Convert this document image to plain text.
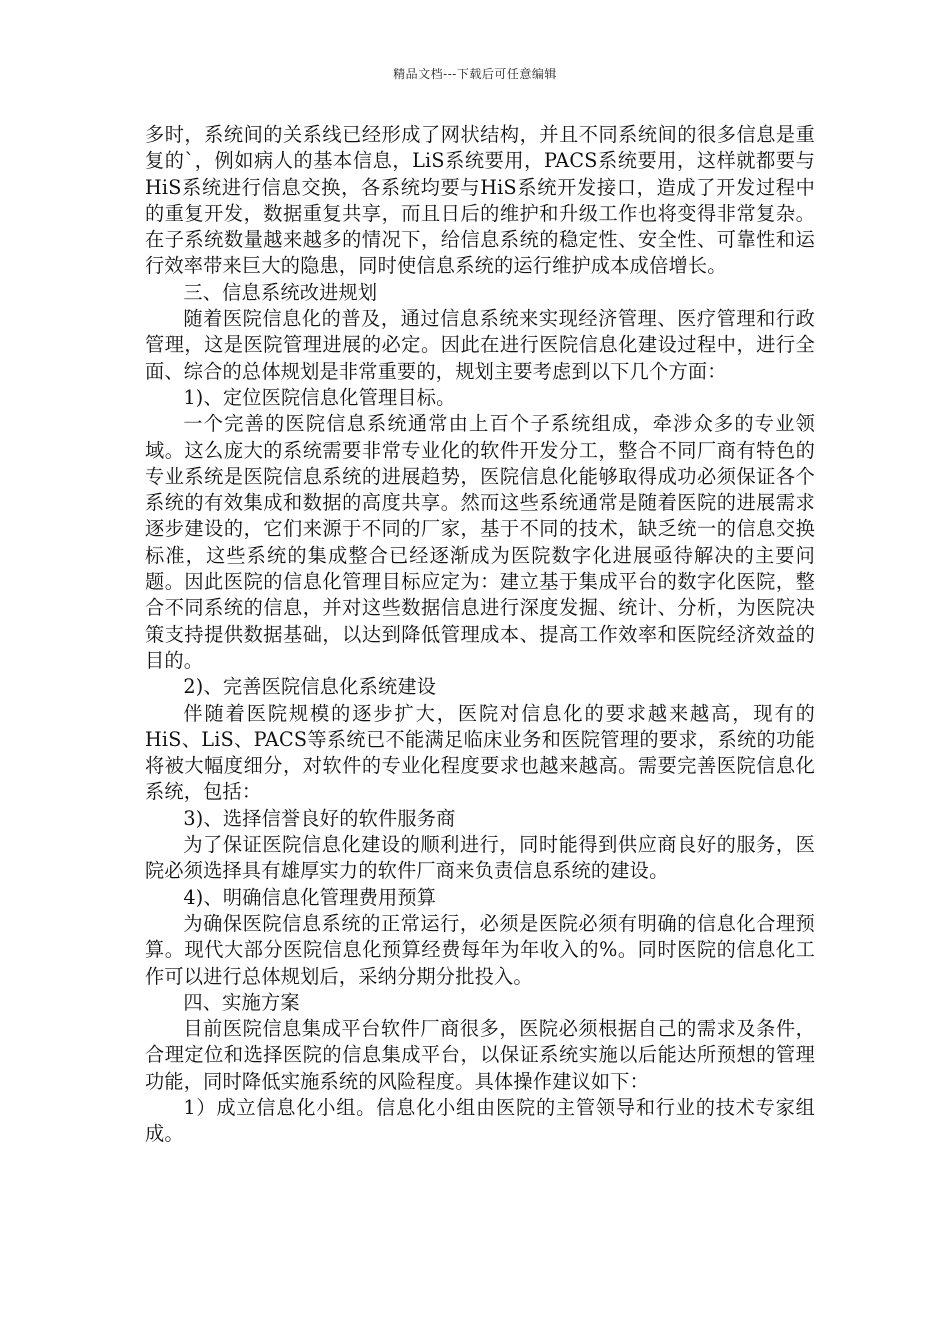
精品文档---下载后可任意编辑

多时，系统间的关系线已经形成了网状结构，并且不同系统间的很多信息是重复的`，例如病人的基本信息，LiS系统要用，PACS系统要用，这样就都要与HiS系统进行信息交换，各系统均要与HiS系统开发接口，造成了开发过程中的重复开发，数据重复共享，而且日后的维护和升级工作也将变得非常复杂。在子系统数量越来越多的情况下，给信息系统的稳定性、安全性、可靠性和运行效率带来巨大的隐患，同时使信息系统的运行维护成本成倍增长。

三、信息系统改进规划

随着医院信息化的普及，通过信息系统来实现经济管理、医疗管理和行政管理，这是医院管理进展的必定。因此在进行医院信息化建设过程中，进行全面、综合的总体规划是非常重要的，规划主要考虑到以下几个方面：

1)、定位医院信息化管理目标。

一个完善的医院信息系统通常由上百个子系统组成，牵涉众多的专业领域。这么庞大的系统需要非常专业化的软件开发分工，整合不同厂商有特色的专业系统是医院信息系统的进展趋势，医院信息化能够取得成功必须保证各个系统的有效集成和数据的高度共享。然而这些系统通常是随着医院的进展需求逐步建设的，它们来源于不同的厂家，基于不同的技术，缺乏统一的信息交换标准，这些系统的集成整合已经逐渐成为医院数字化进展亟待解决的主要问题。因此医院的信息化管理目标应定为：建立基于集成平台的数字化医院，整合不同系统的信息，并对这些数据信息进行深度发掘、统计、分析，为医院决策支持提供数据基础，以达到降低管理成本、提高工作效率和医院经济效益的目的。

2)、完善医院信息化系统建设

伴随着医院规模的逐步扩大，医院对信息化的要求越来越高，现有的HiS、LiS、PACS等系统已不能满足临床业务和医院管理的要求，系统的功能将被大幅度细分，对软件的专业化程度要求也越来越高。需要完善医院信息化系统，包括：

3)、选择信誉良好的软件服务商

为了保证医院信息化建设的顺利进行，同时能得到供应商良好的服务，医院必须选择具有雄厚实力的软件厂商来负责信息系统的建设。

4)、明确信息化管理费用预算

为确保医院信息系统的正常运行，必须是医院必须有明确的信息化合理预算。现代大部分医院信息化预算经费每年为年收入的%。同时医院的信息化工作可以进行总体规划后，采纳分期分批投入。

四、实施方案

目前医院信息集成平台软件厂商很多，医院必须根据自己的需求及条件，合理定位和选择医院的信息集成平台，以保证系统实施以后能达所预想的管理功能，同时降低实施系统的风险程度。具体操作建议如下：

1）成立信息化小组。信息化小组由医院的主管领导和行业的技术专家组成。
